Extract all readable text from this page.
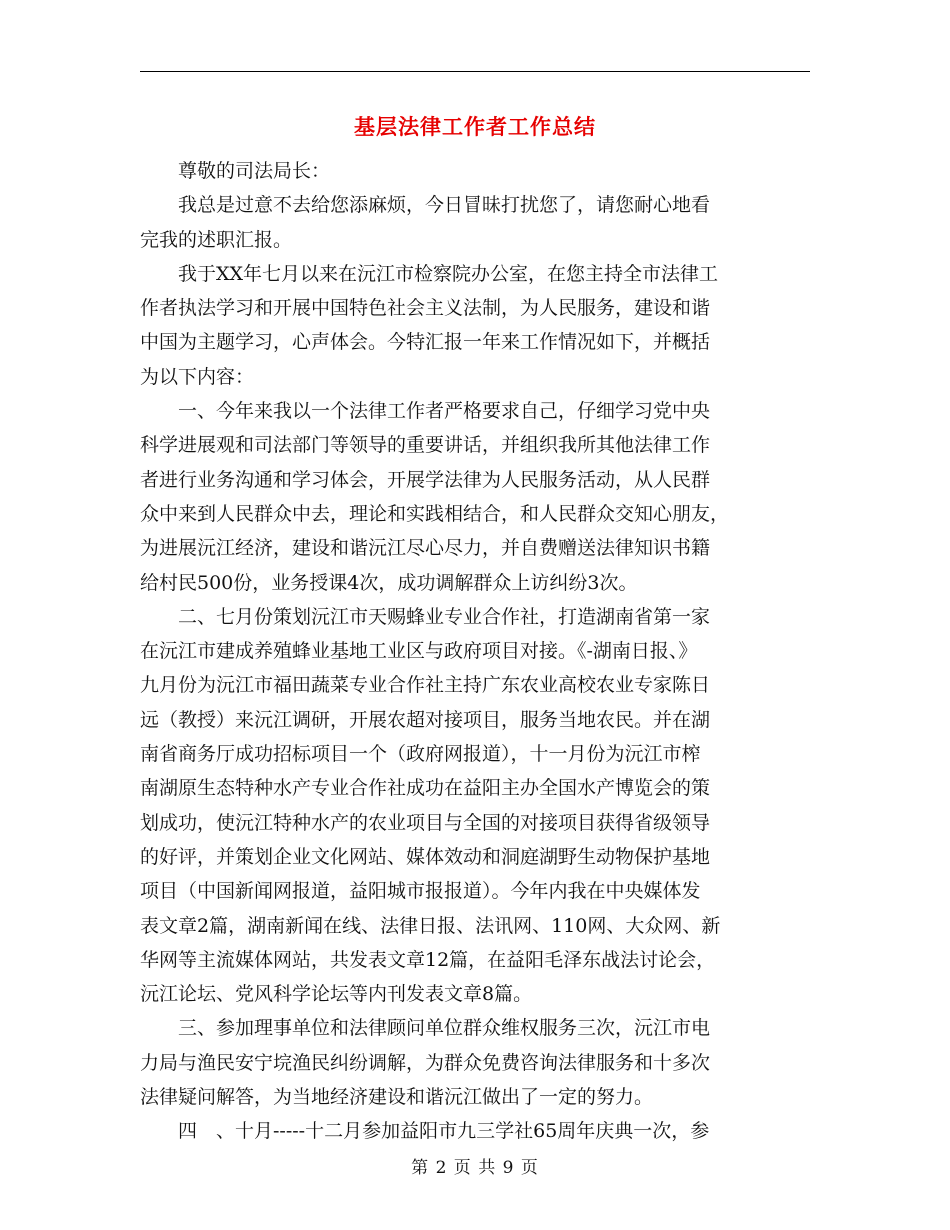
基层法律工作者工作总结
　　尊敬的司法局长：
　　我总是过意不去给您添麻烦，今日冒昧打扰您了，请您耐心地看
完我的述职汇报。
　　我于XX年七月以来在沅江市检察院办公室，在您主持全市法律工
作者执法学习和开展中国特色社会主义法制，为人民服务，建设和谐
中国为主题学习，心声体会。今特汇报一年来工作情况如下，并概括
为以下内容：
　　一、今年来我以一个法律工作者严格要求自己，仔细学习党中央
科学进展观和司法部门等领导的重要讲话，并组织我所其他法律工作
者进行业务沟通和学习体会，开展学法律为人民服务活动，从人民群
众中来到人民群众中去，理论和实践相结合，和人民群众交知心朋友，
为进展沅江经济，建设和谐沅江尽心尽力，并自费赠送法律知识书籍
给村民500份，业务授课4次，成功调解群众上访纠纷3次。
　　二、七月份策划沅江市天赐蜂业专业合作社，打造湖南省第一家
在沅江市建成养殖蜂业基地工业区与政府项目对接。《-湖南日报、》
九月份为沅江市福田蔬菜专业合作社主持广东农业高校农业专家陈日
远（教授）来沅江调研，开展农超对接项目，服务当地农民。并在湖
南省商务厅成功招标项目一个（政府网报道），十一月份为沅江市榨
南湖原生态特种水产专业合作社成功在益阳主办全国水产博览会的策
划成功，使沅江特种水产的农业项目与全国的对接项目获得省级领导
的好评，并策划企业文化网站、媒体效动和洞庭湖野生动物保护基地
项目（中国新闻网报道，益阳城市报报道）。今年内我在中央媒体发
表文章2篇，湖南新闻在线、法律日报、法讯网、110网、大众网、新
华网等主流媒体网站，共发表文章12篇，在益阳毛泽东战法讨论会，
沅江论坛、党风科学论坛等内刊发表文章8篇。
　　三、参加理事单位和法律顾问单位群众维权服务三次，沅江市电
力局与渔民安宁垸渔民纠纷调解，为群众免费咨询法律服务和十多次
法律疑问解答，为当地经济建设和谐沅江做出了一定的努力。
　　四　、十月-----十二月参加益阳市九三学社65周年庆典一次，参
第 2 页 共 9 页
